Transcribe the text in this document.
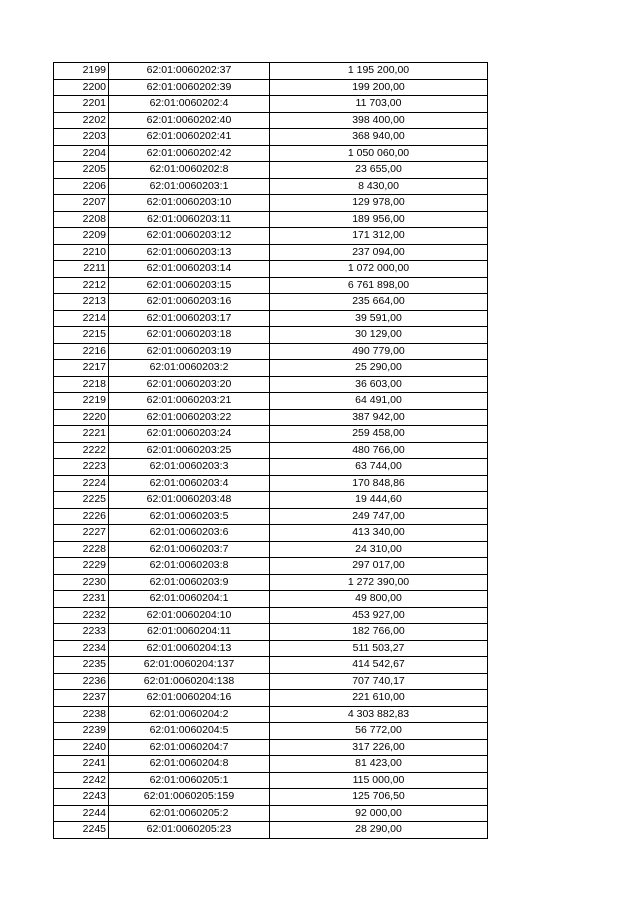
2199	62:01:0060202:37	1 195 200,00
2200	62:01:0060202:39	199 200,00
2201	62:01:0060202:4	11 703,00
2202	62:01:0060202:40	398 400,00
2203	62:01:0060202:41	368 940,00
2204	62:01:0060202:42	1 050 060,00
2205	62:01:0060202:8	23 655,00
2206	62:01:0060203:1	8 430,00
2207	62:01:0060203:10	129 978,00
2208	62:01:0060203:11	189 956,00
2209	62:01:0060203:12	171 312,00
2210	62:01:0060203:13	237 094,00
2211	62:01:0060203:14	1 072 000,00
2212	62:01:0060203:15	6 761 898,00
2213	62:01:0060203:16	235 664,00
2214	62:01:0060203:17	39 591,00
2215	62:01:0060203:18	30 129,00
2216	62:01:0060203:19	490 779,00
2217	62:01:0060203:2	25 290,00
2218	62:01:0060203:20	36 603,00
2219	62:01:0060203:21	64 491,00
2220	62:01:0060203:22	387 942,00
2221	62:01:0060203:24	259 458,00
2222	62:01:0060203:25	480 766,00
2223	62:01:0060203:3	63 744,00
2224	62:01:0060203:4	170 848,86
2225	62:01:0060203:48	19 444,60
2226	62:01:0060203:5	249 747,00
2227	62:01:0060203:6	413 340,00
2228	62:01:0060203:7	24 310,00
2229	62:01:0060203:8	297 017,00
2230	62:01:0060203:9	1 272 390,00
2231	62:01:0060204:1	49 800,00
2232	62:01:0060204:10	453 927,00
2233	62:01:0060204:11	182 766,00
2234	62:01:0060204:13	511 503,27
2235	62:01:0060204:137	414 542,67
2236	62:01:0060204:138	707 740,17
2237	62:01:0060204:16	221 610,00
2238	62:01:0060204:2	4 303 882,83
2239	62:01:0060204:5	56 772,00
2240	62:01:0060204:7	317 226,00
2241	62:01:0060204:8	81 423,00
2242	62:01:0060205:1	115 000,00
2243	62:01:0060205:159	125 706,50
2244	62:01:0060205:2	92 000,00
2245	62:01:0060205:23	28 290,00
